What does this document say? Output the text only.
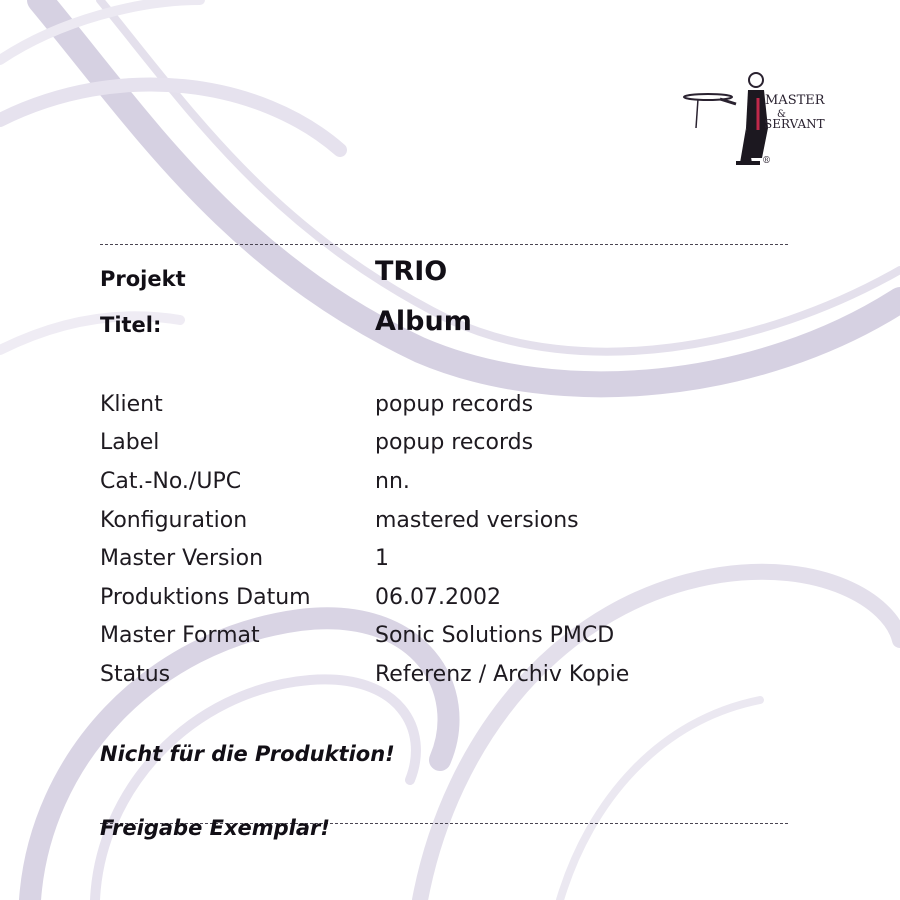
MASTER
&
SERVANT
®
Projekt	TRIO
Titel:	Album
Klient	popup records
Label	popup records
Cat.-No./UPC	nn.
Konfiguration	mastered versions
Master Version	1
Produktions Datum	06.07.2002
Master Format	Sonic Solutions PMCD
Status	Referenz / Archiv Kopie
Nicht für die Produktion!
Freigabe Exemplar!
